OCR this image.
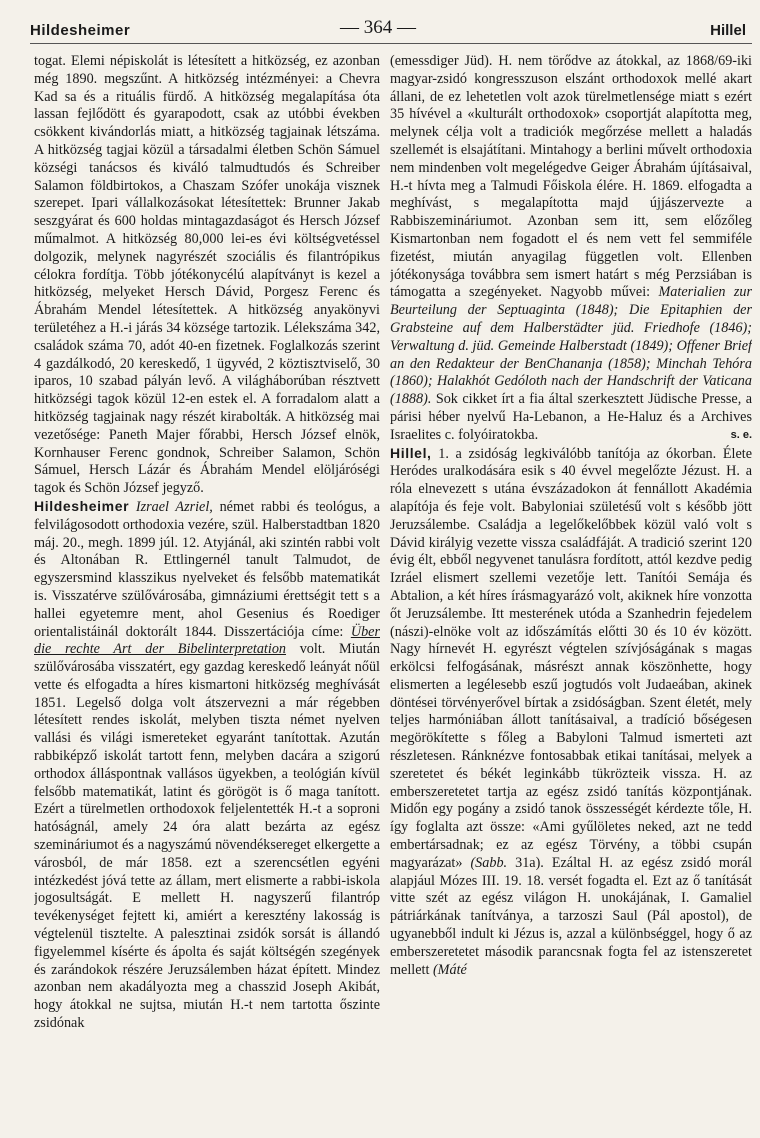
Hildesheimer	— 364 —	Hillel

togat. Elemi népiskolát is létesített a hitközség, ez azonban még 1890. megszűnt. A hitközség intézményei: a Chevra Kad sa és a rituális fürdő. A hitközség megalapítása óta lassan fejlődött és gyarapodott, csak az utóbbi években csökkent kivándorlás miatt, a hitközség tagjainak létszáma. A hitközség tagjai közül a társadalmi életben Schön Sámuel községi tanácsos és kiváló talmudtudós és Schreiber Salamon földbirtokos, a Chaszam Szófer unokája visznek szerepet. Ipari vállalkozásokat létesítettek: Brunner Jakab seszgyárat és 600 holdas mintagazdaságot és Hersch József műmalmot. A hitközség 80,000 lei-es évi költségvetéssel dolgozik, melynek nagyrészét szociális és filantrópikus célokra fordítja. Több jótékonycélú alapítványt is kezel a hitközség, melyeket Hersch Dávid, Porgesz Ferenc és Ábrahám Mendel létesítettek. A hitközség anyakönyvi területéhez a H.-i járás 34 községe tartozik. Lélekszáma 342, családok száma 70, adót 40-en fizetnek. Foglalkozás szerint 4 gazdálkodó, 20 kereskedő, 1 ügyvéd, 2 köztisztviselő, 30 iparos, 10 szabad pályán levő. A világháborúban résztvett hitközségi tagok közül 12-en estek el. A forradalom alatt a hitközség tagjainak nagy részét kirabolták. A hitközség mai vezetősége: Paneth Majer főrabbi, Hersch József elnök, Kornhauser Ferenc gondnok, Schreiber Salamon, Schön Sámuel, Hersch Lázár és Ábrahám Mendel elöljáróségi tagok és Schön József jegyző.

Hildesheimer Izrael Azriel, német rabbi és teológus, a felvilágosodott orthodoxia vezére, szül. Halberstadtban 1820 máj. 20., megh. 1899 júl. 12. Atyjánál, aki szintén rabbi volt és Altonában R. Ettlingernél tanult Talmudot, de egyszersmind klasszikus nyelveket és felsőbb matematikát is. Visszatérve szülővárosába, gimnáziumi érettségit tett s a hallei egyetemre ment, ahol Gesenius és Roediger orientalistáinál doktorált 1844. Disszertációja címe: Über die rechte Art der Bibelinterpretation volt. Miután szülővárosába visszatért, egy gazdag kereskedő leányát nőül vette és elfogadta a híres kismartoni hitközség meghívását 1851. Legelső dolga volt átszervezni a már régebben létesített rendes iskolát, melyben tiszta német nyelven vallási és világi ismereteket egyaránt tanítottak. Azután rabbiképző iskolát tartott fenn, melyben dacára a szigorú orthodox álláspontnak vallásos ügyekben, a teológián kívül felsőbb matematikát, latint és görögöt is ő maga tanított. Ezért a türelmetlen orthodoxok feljelentették H.-t a soproni hatóságnál, amely 24 óra alatt bezárta az egész szemináriumot és a nagyszámú növendéksereget elkergette a városból, de már 1858. ezt a szerencsétlen egyéni intézkedést jóvá tette az állam, mert elismerte a rabbi-iskola jogosultságát. E mellett H. nagyszerű filantróp tevékenységet fejtett ki, amiért a keresztény lakosság is végtelenül tisztelte. A palesztinai zsidók sorsát is állandó figyelemmel kísérte és ápolta és saját költségén szegények és zarándokok részére Jeruzsálemben házat épített. Mindez azonban nem akadályozta meg a chasszid Joseph Akibát, hogy átokkal ne sujtsa, miután H.-t nem tartotta őszinte zsidónak

(emessdiger Jüd). H. nem törődve az átokkal, az 1868/69-iki magyar-zsidó kongresszuson elszánt orthodoxok mellé akart állani, de ez lehetetlen volt azok türelmetlensége miatt s ezért 35 hívével a «kulturált orthodoxok» csoportját alapította meg, melynek célja volt a tradiciók megőrzése mellett a haladás szellemét is elsajátítani. Mintahogy a berlini művelt orthodoxia nem mindenben volt megelégedve Geiger Ábrahám újításaival, H.-t hívta meg a Talmudi Főiskola élére. H. 1869. elfogadta a meghívást, s megalapította majd újjászervezte a Rabbiszemináriumot. Azonban sem itt, sem előzőleg Kismartonban nem fogadott el és nem vett fel semmiféle fizetést, miután anyagilag független volt. Ellenben jótékonysága továbbra sem ismert határt s még Perzsiában is támogatta a szegényeket. Nagyobb művei: Materialien zur Beurteilung der Septuaginta (1848); Die Epitaphien der Grabsteine auf dem Halberstädter jüd. Friedhofe (1846); Verwaltung d. jüd. Gemeinde Halberstadt (1849); Offener Brief an den Redakteur der BenChananja (1858); Minchah Tehóra (1860); Halakhót Gedóloth nach der Handschrift der Vaticana (1888). Sok cikket írt a fia által szerkesztett Jüdische Presse, a párisi héber nyelvű Ha-Lebanon, a He-Haluz és a Archives Israelites c. folyóiratokba.	s. e.

Hillel, 1. a zsidóság legkiválóbb tanítója az ókorban. Élete Heródes uralkodására esik s 40 évvel megelőzte Jézust. H. a róla elnevezett s utána évszázadokon át fennállott Akadémia alapítója és feje volt. Babyloniai születésű volt s később jött Jeruzsálembe. Családja a legelőkelőbbek közül való volt s Dávid királyig vezette vissza családfáját. A tradició szerint 120 évig élt, ebből negyvenet tanulásra fordított, attól kezdve pedig Izráel elismert szellemi vezetője lett. Tanítói Semája és Abtalion, a két híres írásmagyarázó volt, akiknek híre vonzotta őt Jeruzsálembe. Itt mesterének utóda a Szanhedrin fejedelem (nászi)-elnöke volt az időszámítás előtti 30 és 10 év között. Nagy hírnevét H. egyrészt végtelen szívjóságának s magas erkölcsi felfogásának, másrészt annak köszönhette, hogy elismerten a legélesebb eszű jogtudós volt Judaeában, akinek döntései törvényerővel bírtak a zsidóságban. Szent életét, mely teljes harmóniában állott tanításaival, a tradíció bőségesen megörökítette s főleg a Babyloni Talmud ismerteti azt részletesen. Ránknézve fontosabbak etikai tanításai, melyek a szeretetet és békét leginkább tükrözteik vissza. H. az emberszeretetet tartja az egész zsidó tanítás központjának. Midőn egy pogány a zsidó tanok összességét kérdezte tőle, H. így foglalta azt össze: «Ami gyűlöletes neked, azt ne tedd embertársadnak; ez az egész Törvény, a többi csupán magyarázat» (Sabb. 31a). Ezáltal H. az egész zsidó morál alapjául Mózes III. 19. 18. versét fogadta el. Ezt az ő tanítását vitte szét az egész világon H. unokájának, I. Gamaliel pátriárkának tanítványa, a tarzoszi Saul (Pál apostol), de ugyanebből indult ki Jézus is, azzal a különbséggel, hogy ő az emberszeretetet második parancsnak fogta fel az istenszeretet mellett (Máté
